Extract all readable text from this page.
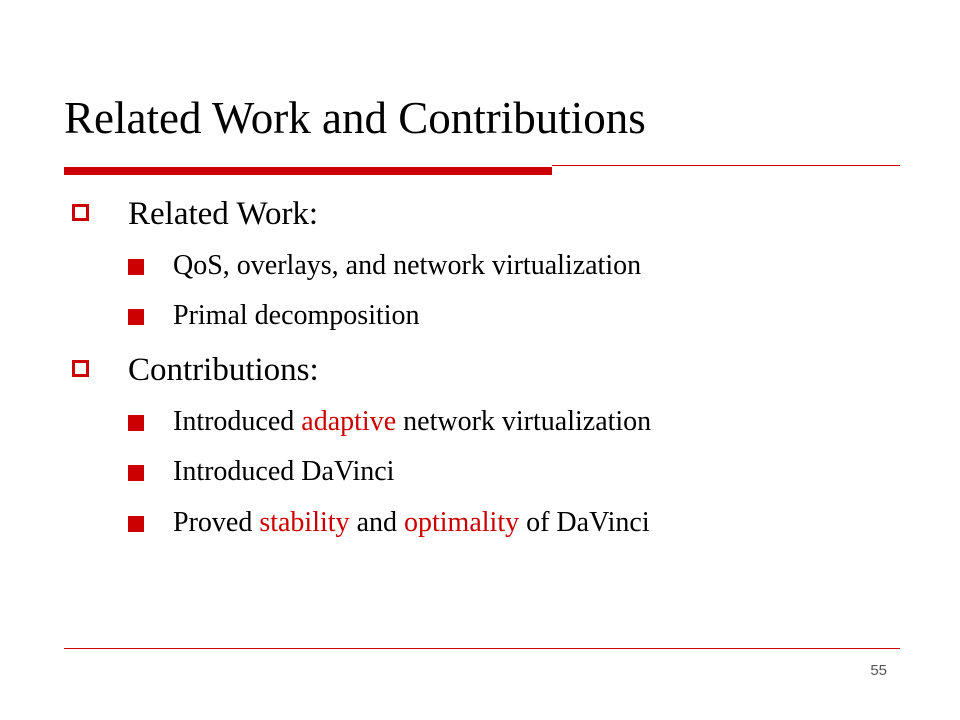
Related Work and Contributions
Related Work:
QoS, overlays, and network virtualization
Primal decomposition
Contributions:
Introduced adaptive network virtualization
Introduced DaVinci
Proved stability and optimality of DaVinci
55
